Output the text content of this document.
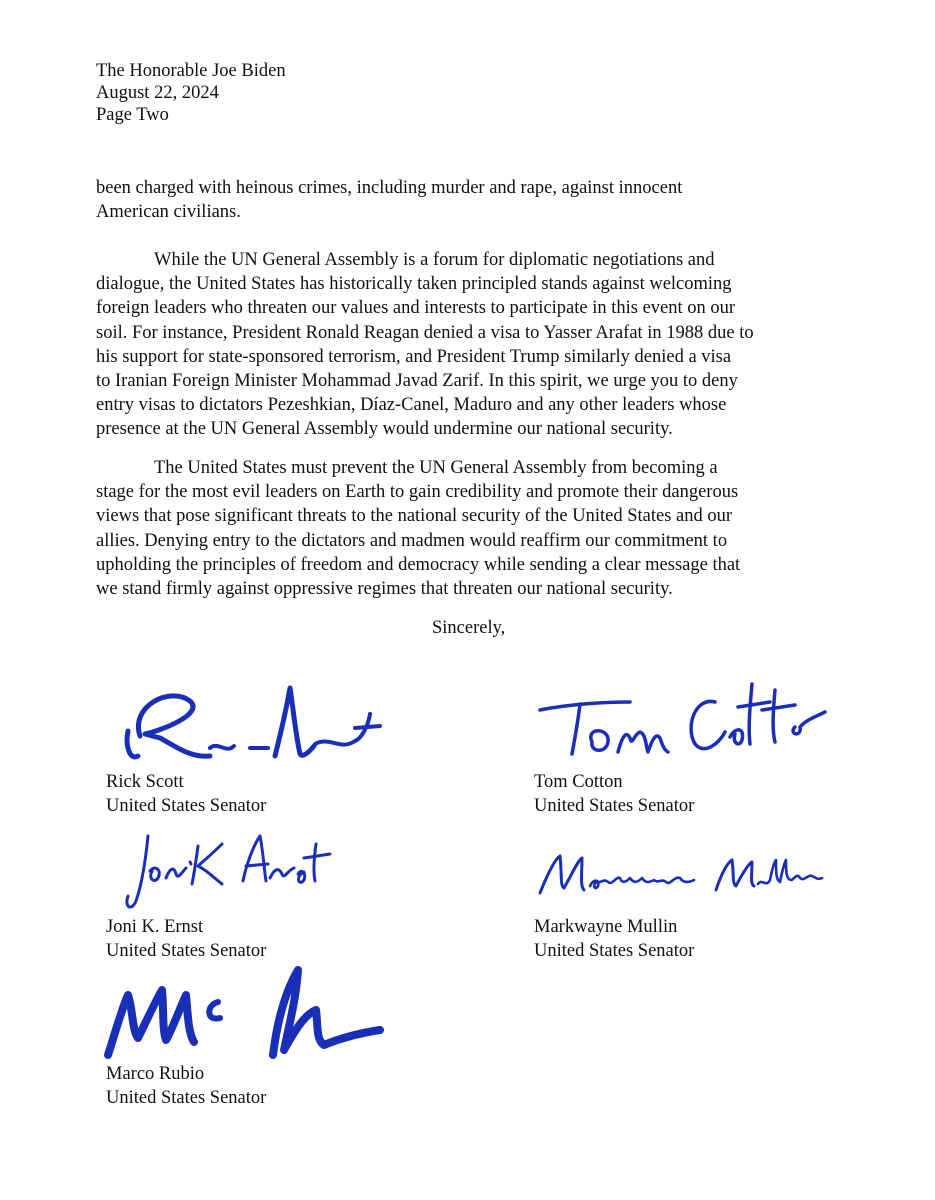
The Honorable Joe Biden
August 22, 2024
Page Two
been charged with heinous crimes, including murder and rape, against innocent
American civilians.
While the UN General Assembly is a forum for diplomatic negotiations and
dialogue, the United States has historically taken principled stands against welcoming
foreign leaders who threaten our values and interests to participate in this event on our
soil. For instance, President Ronald Reagan denied a visa to Yasser Arafat in 1988 due to
his support for state-sponsored terrorism, and President Trump similarly denied a visa
to Iranian Foreign Minister Mohammad Javad Zarif. In this spirit, we urge you to deny
entry visas to dictators Pezeshkian, Díaz-Canel, Maduro and any other leaders whose
presence at the UN General Assembly would undermine our national security.
The United States must prevent the UN General Assembly from becoming a
stage for the most evil leaders on Earth to gain credibility and promote their dangerous
views that pose significant threats to the national security of the United States and our
allies. Denying entry to the dictators and madmen would reaffirm our commitment to
upholding the principles of freedom and democracy while sending a clear message that
we stand firmly against oppressive regimes that threaten our national security.
Sincerely,
Rick Scott
United States Senator
Tom Cotton
United States Senator
Joni K. Ernst
United States Senator
Markwayne Mullin
United States Senator
Marco Rubio
United States Senator
